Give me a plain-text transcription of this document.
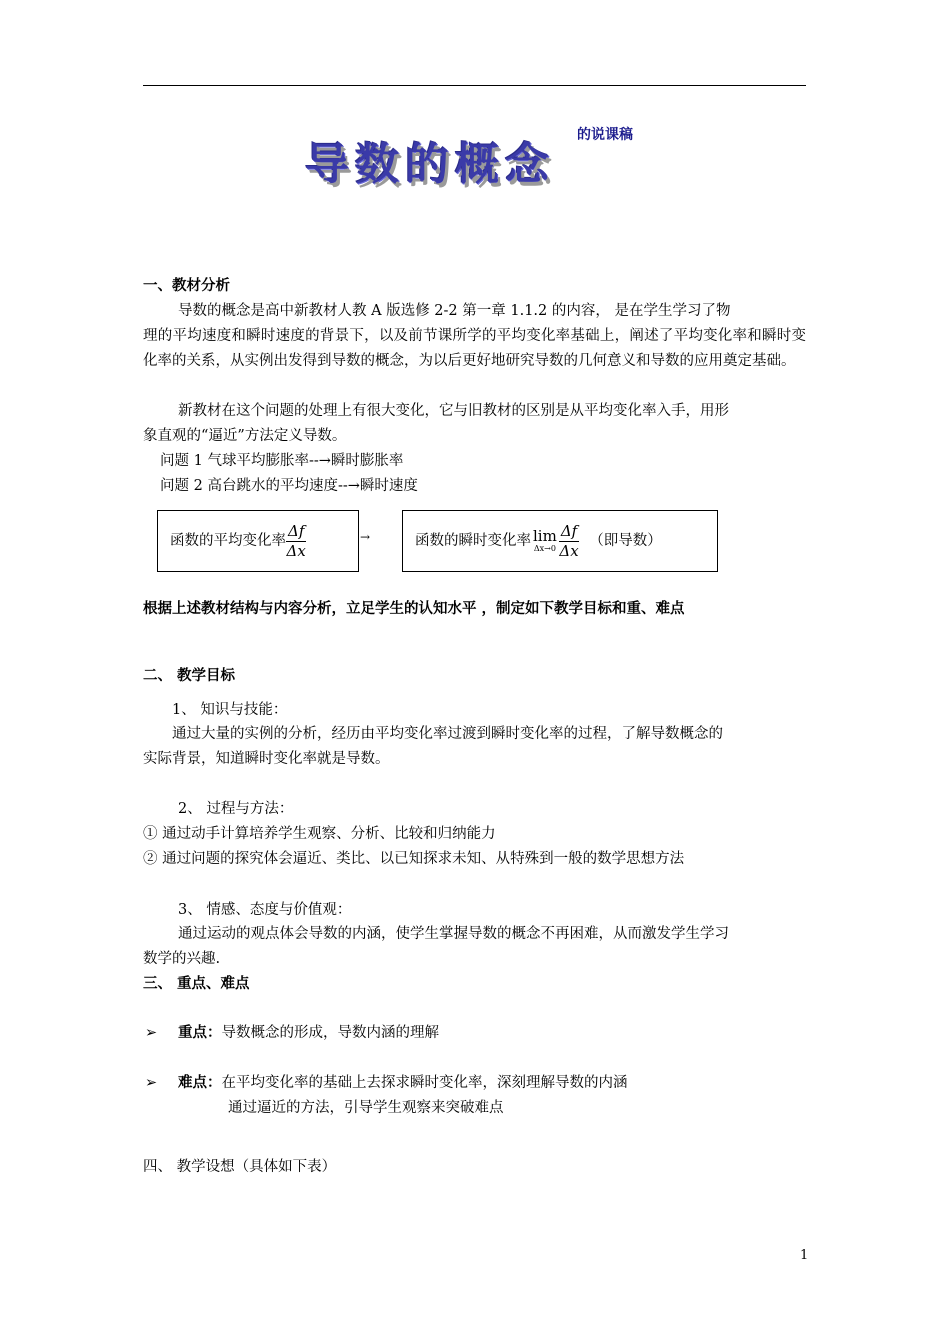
导数的概念
的说课稿
一、教材分析
导数的概念是高中新教材人教 A 版选修 2-2 第一章 1.1.2 的内容， 是在学生学习了物
理的平均速度和瞬时速度的背景下，以及前节课所学的平均变化率基础上，阐述了平均变化率和瞬时变化率的关系，从实例出发得到导数的概念，为以后更好地研究导数的几何意义和导数的应用奠定基础。
新教材在这个问题的处理上有很大变化，它与旧教材的区别是从平均变化率入手，用形
象直观的“逼近”方法定义导数。
问题 1 气球平均膨胀率--→瞬时膨胀率
问题 2 高台跳水的平均速度--→瞬时速度
函数的平均变化率 $\frac{\Delta f}{\Delta x}$	→	函数的瞬时变化率 lim
$\Delta x\to 0 \frac{\Delta f}{\Delta x}$ （即导数）
根据上述教材结构与内容分析，立足学生的认知水平 ，制定如下教学目标和重、难点
二、 教学目标
1、 知识与技能：
通过大量的实例的分析，经历由平均变化率过渡到瞬时变化率的过程，了解导数概念的
实际背景，知道瞬时变化率就是导数。
2、 过程与方法：
① 通过动手计算培养学生观察、分析、比较和归纳能力
② 通过问题的探究体会逼近、类比、以已知探求未知、从特殊到一般的数学思想方法
3、 情感、态度与价值观：
通过运动的观点体会导数的内涵，使学生掌握导数的概念不再困难，从而激发学生学习
数学的兴趣.
三、 重点、难点
➢ 重点：导数概念的形成，导数内涵的理解
➢ 难点：在平均变化率的基础上去探求瞬时变化率，深刻理解导数的内涵
通过逼近的方法，引导学生观察来突破难点
四、 教学设想（具体如下表）
1
